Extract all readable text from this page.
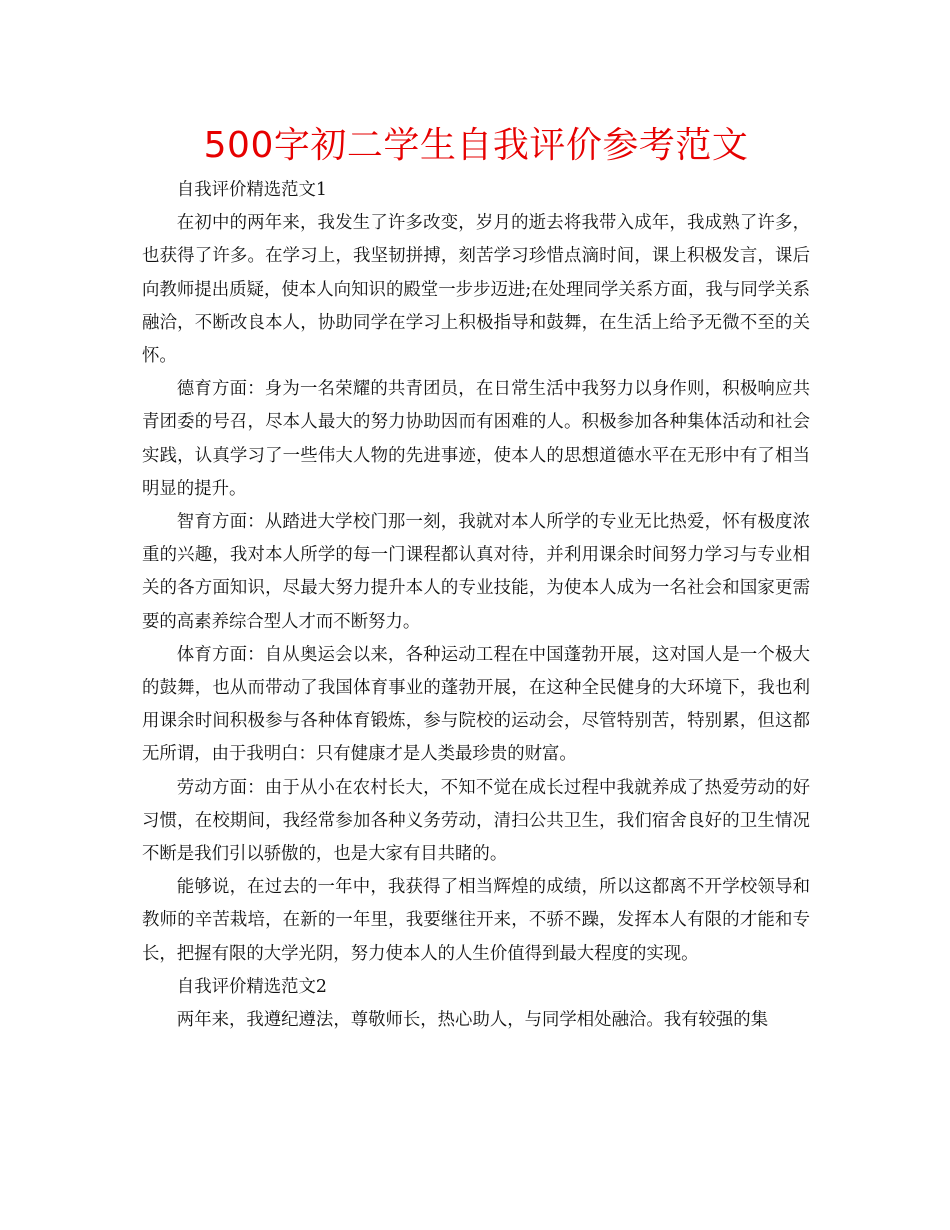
500字初二学生自我评价参考范文

自我评价精选范文1

在初中的两年来，我发生了许多改变，岁月的逝去将我带入成年，我成熟了许多，也获得了许多。在学习上，我坚韧拼搏，刻苦学习珍惜点滴时间，课上积极发言，课后向教师提出质疑，使本人向知识的殿堂一步步迈进;在处理同学关系方面，我与同学关系融洽，不断改良本人，协助同学在学习上积极指导和鼓舞，在生活上给予无微不至的关怀。

德育方面：身为一名荣耀的共青团员，在日常生活中我努力以身作则，积极响应共青团委的号召，尽本人最大的努力协助因而有困难的人。积极参加各种集体活动和社会实践，认真学习了一些伟大人物的先进事迹，使本人的思想道德水平在无形中有了相当明显的提升。

智育方面：从踏进大学校门那一刻，我就对本人所学的专业无比热爱，怀有极度浓重的兴趣，我对本人所学的每一门课程都认真对待，并利用课余时间努力学习与专业相关的各方面知识，尽最大努力提升本人的专业技能，为使本人成为一名社会和国家更需要的高素养综合型人才而不断努力。

体育方面：自从奥运会以来，各种运动工程在中国蓬勃开展，这对国人是一个极大的鼓舞，也从而带动了我国体育事业的蓬勃开展，在这种全民健身的大环境下，我也利用课余时间积极参与各种体育锻炼，参与院校的运动会，尽管特别苦，特别累，但这都无所谓，由于我明白：只有健康才是人类最珍贵的财富。

劳动方面：由于从小在农村长大，不知不觉在成长过程中我就养成了热爱劳动的好习惯，在校期间，我经常参加各种义务劳动，清扫公共卫生，我们宿舍良好的卫生情况不断是我们引以骄傲的，也是大家有目共睹的。

能够说，在过去的一年中，我获得了相当辉煌的成绩，所以这都离不开学校领导和教师的辛苦栽培，在新的一年里，我要继往开来，不骄不躁，发挥本人有限的才能和专长，把握有限的大学光阴，努力使本人的人生价值得到最大程度的实现。

自我评价精选范文2

两年来，我遵纪遵法，尊敬师长，热心助人，与同学相处融洽。我有较强的集
